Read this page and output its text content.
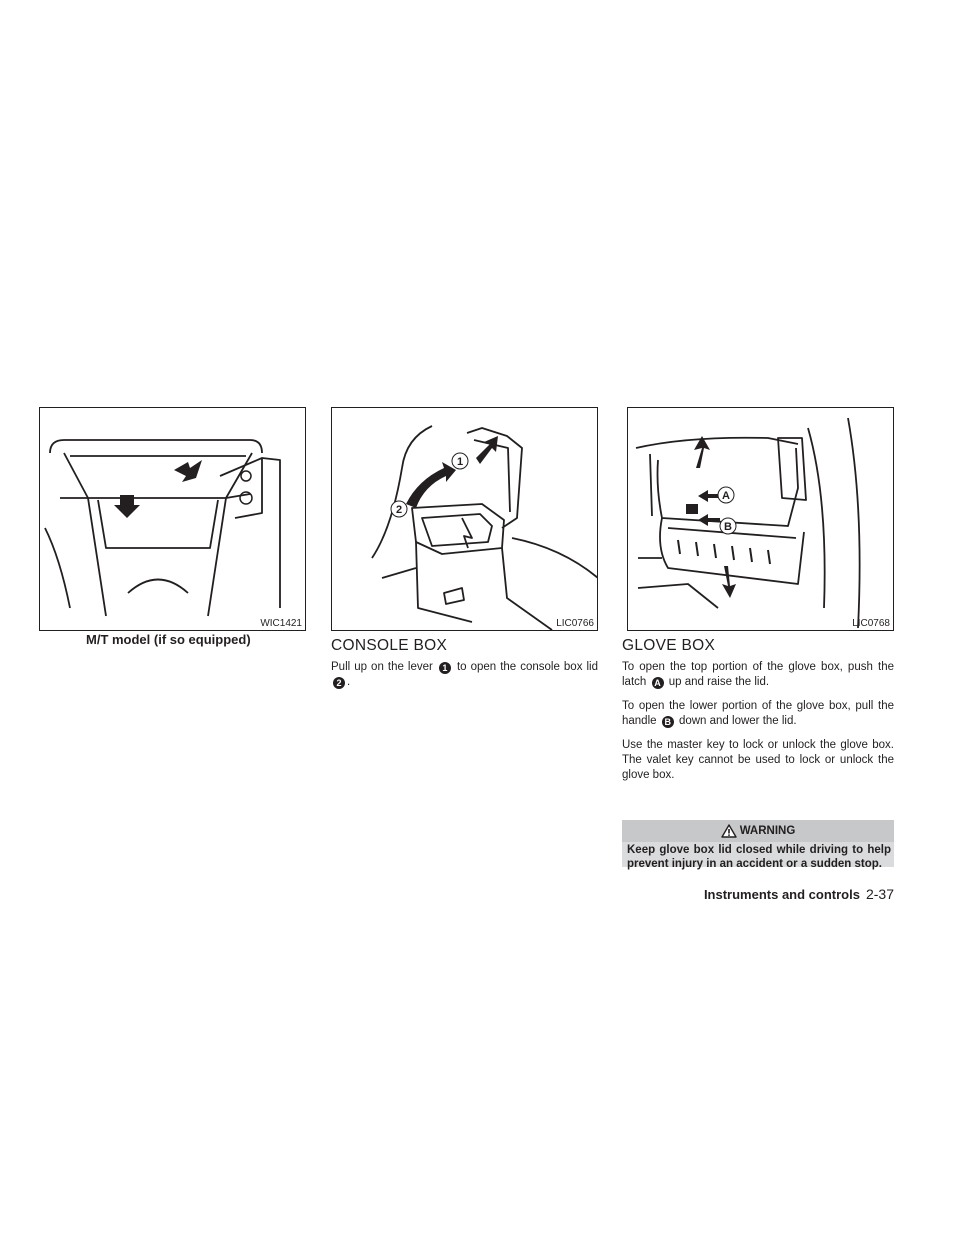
WIC1421
M/T model (if so equipped)
1
2
LIC0766
A
B
LIC0768
CONSOLE BOX

Pull up on the lever 1 to open the console box lid 2 .

GLOVE BOX

To open the top portion of the glove box, push the latch A up and raise the lid.

To open the lower portion of the glove box, pull the handle B down and lower the lid.

Use the master key to lock or unlock the glove box. The valet key cannot be used to lock or unlock the glove box.

WARNING

Keep glove box lid closed while driving to help prevent injury in an accident or a sudden stop.

Instruments and controls 2-37
